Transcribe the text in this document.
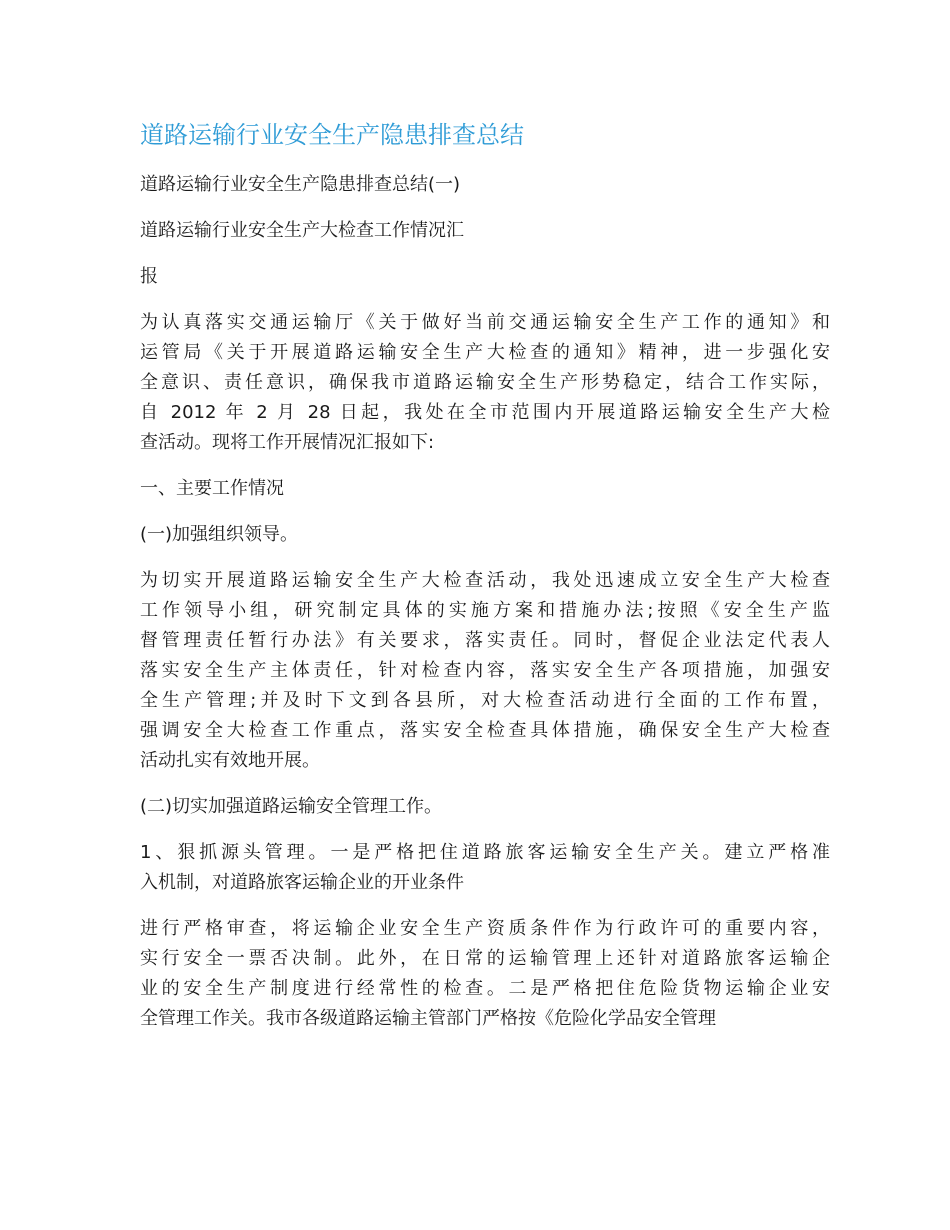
道路运输行业安全生产隐患排查总结
道路运输行业安全生产隐患排查总结(一)
道路运输行业安全生产大检查工作情况汇
报
为认真落实交通运输厅《关于做好当前交通运输安全生产工作的通知》和
运管局《关于开展道路运输安全生产大检查的通知》精神，进一步强化安
全意识、责任意识，确保我市道路运输安全生产形势稳定，结合工作实际，
自 2012 年 2 月 28 日起，我处在全市范围内开展道路运输安全生产大检
查活动。现将工作开展情况汇报如下:
一、主要工作情况
(一)加强组织领导。
为切实开展道路运输安全生产大检查活动，我处迅速成立安全生产大检查
工作领导小组，研究制定具体的实施方案和措施办法;按照《安全生产监
督管理责任暂行办法》有关要求，落实责任。同时，督促企业法定代表人
落实安全生产主体责任，针对检查内容，落实安全生产各项措施，加强安
全生产管理;并及时下文到各县所，对大检查活动进行全面的工作布置，
强调安全大检查工作重点，落实安全检查具体措施，确保安全生产大检查
活动扎实有效地开展。
(二)切实加强道路运输安全管理工作。
1、狠抓源头管理。一是严格把住道路旅客运输安全生产关。建立严格准
入机制，对道路旅客运输企业的开业条件
进行严格审查，将运输企业安全生产资质条件作为行政许可的重要内容，
实行安全一票否决制。此外，在日常的运输管理上还针对道路旅客运输企
业的安全生产制度进行经常性的检查。二是严格把住危险货物运输企业安
全管理工作关。我市各级道路运输主管部门严格按《危险化学品安全管理
